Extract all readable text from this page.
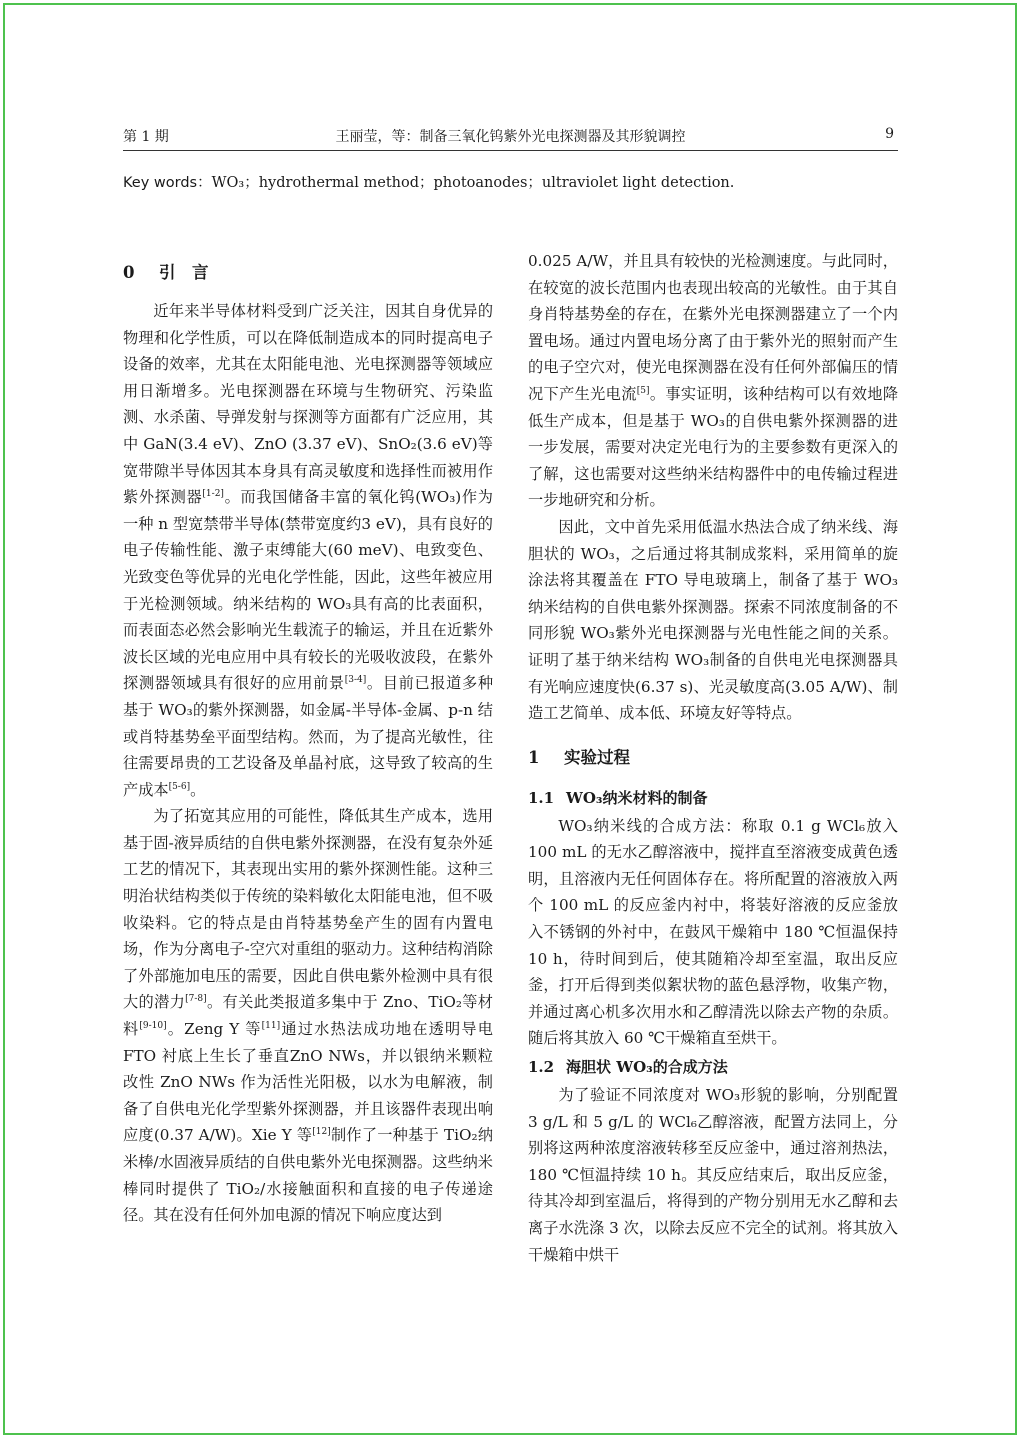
第 1 期	王丽莹，等：制备三氧化钨紫外光电探测器及其形貌调控	9
Key words：WO₃；hydrothermal method；photoanodes；ultraviolet light detection.
0 引　言

近年来半导体材料受到广泛关注，因其自身优异的物理和化学性质，可以在降低制造成本的同时提高电子设备的效率，尤其在太阳能电池、光电探测器等领域应用日渐增多。光电探测器在环境与生物研究、污染监测、水杀菌、导弹发射与探测等方面都有广泛应用，其中 GaN(3.4 eV)、ZnO (3.37 eV)、SnO₂(3.6 eV)等宽带隙半导体因其本身具有高灵敏度和选择性而被用作紫外探测器[1-2]。而我国储备丰富的氧化钨(WO₃)作为一种 n 型宽禁带半导体(禁带宽度约3 eV)，具有良好的电子传输性能、激子束缚能大(60 meV)、电致变色、光致变色等优异的光电化学性能，因此，这些年被应用于光检测领域。纳米结构的 WO₃具有高的比表面积，而表面态必然会影响光生载流子的输运，并且在近紫外波长区域的光电应用中具有较长的光吸收波段，在紫外探测器领域具有很好的应用前景[3-4]。目前已报道多种基于 WO₃的紫外探测器，如金属-半导体-金属、p-n 结或肖特基势垒平面型结构。然而，为了提高光敏性，往往需要昂贵的工艺设备及单晶衬底，这导致了较高的生产成本[5-6]。

为了拓宽其应用的可能性，降低其生产成本，选用基于固-液异质结的自供电紫外探测器，在没有复杂外延工艺的情况下，其表现出实用的紫外探测性能。这种三明治状结构类似于传统的染料敏化太阳能电池，但不吸收染料。它的特点是由肖特基势垒产生的固有内置电场，作为分离电子-空穴对重组的驱动力。这种结构消除了外部施加电压的需要，因此自供电紫外检测中具有很大的潜力[7-8]。有关此类报道多集中于 Zno、TiO₂等材料[9-10]。Zeng Y 等[11]通过水热法成功地在透明导电 FTO 衬底上生长了垂直ZnO NWs，并以银纳米颗粒改性 ZnO NWs 作为活性光阳极，以水为电解液，制备了自供电光化学型紫外探测器，并且该器件表现出响应度(0.37 A/W)。Xie Y 等[12]制作了一种基于 TiO₂纳米棒/水固液异质结的自供电紫外光电探测器。这些纳米棒同时提供了 TiO₂/水接触面积和直接的电子传递途径。其在没有任何外加电源的情况下响应度达到

0.025 A/W，并且具有较快的光检测速度。与此同时，在较宽的波长范围内也表现出较高的光敏性。由于其自身肖特基势垒的存在，在紫外光电探测器建立了一个内置电场。通过内置电场分离了由于紫外光的照射而产生的电子空穴对，使光电探测器在没有任何外部偏压的情况下产生光电流[5]。事实证明，该种结构可以有效地降低生产成本，但是基于 WO₃的自供电紫外探测器的进一步发展，需要对决定光电行为的主要参数有更深入的了解，这也需要对这些纳米结构器件中的电传输过程进一步地研究和分析。

因此，文中首先采用低温水热法合成了纳米线、海胆状的 WO₃，之后通过将其制成浆料，采用简单的旋涂法将其覆盖在 FTO 导电玻璃上，制备了基于 WO₃纳米结构的自供电紫外探测器。探索不同浓度制备的不同形貌 WO₃紫外光电探测器与光电性能之间的关系。证明了基于纳米结构 WO₃制备的自供电光电探测器具有光响应速度快(6.37 s)、光灵敏度高(3.05 A/W)、制造工艺简单、成本低、环境友好等特点。

1 实验过程
1.1 WO₃纳米材料的制备

WO₃纳米线的合成方法：称取 0.1 g WCl₆放入 100 mL 的无水乙醇溶液中，搅拌直至溶液变成黄色透明，且溶液内无任何固体存在。将所配置的溶液放入两个 100 mL 的反应釜内衬中，将装好溶液的反应釜放入不锈钢的外衬中，在鼓风干燥箱中 180 ℃恒温保持 10 h，待时间到后，使其随箱冷却至室温，取出反应釜，打开后得到类似絮状物的蓝色悬浮物，收集产物，并通过离心机多次用水和乙醇清洗以除去产物的杂质。随后将其放入 60 ℃干燥箱直至烘干。

1.2 海胆状 WO₃的合成方法

为了验证不同浓度对 WO₃形貌的影响，分别配置 3 g/L 和 5 g/L 的 WCl₆乙醇溶液，配置方法同上，分别将这两种浓度溶液转移至反应釜中，通过溶剂热法，180 ℃恒温持续 10 h。其反应结束后，取出反应釜，待其冷却到室温后，将得到的产物分别用无水乙醇和去离子水洗涤 3 次，以除去反应不完全的试剂。将其放入干燥箱中烘干
